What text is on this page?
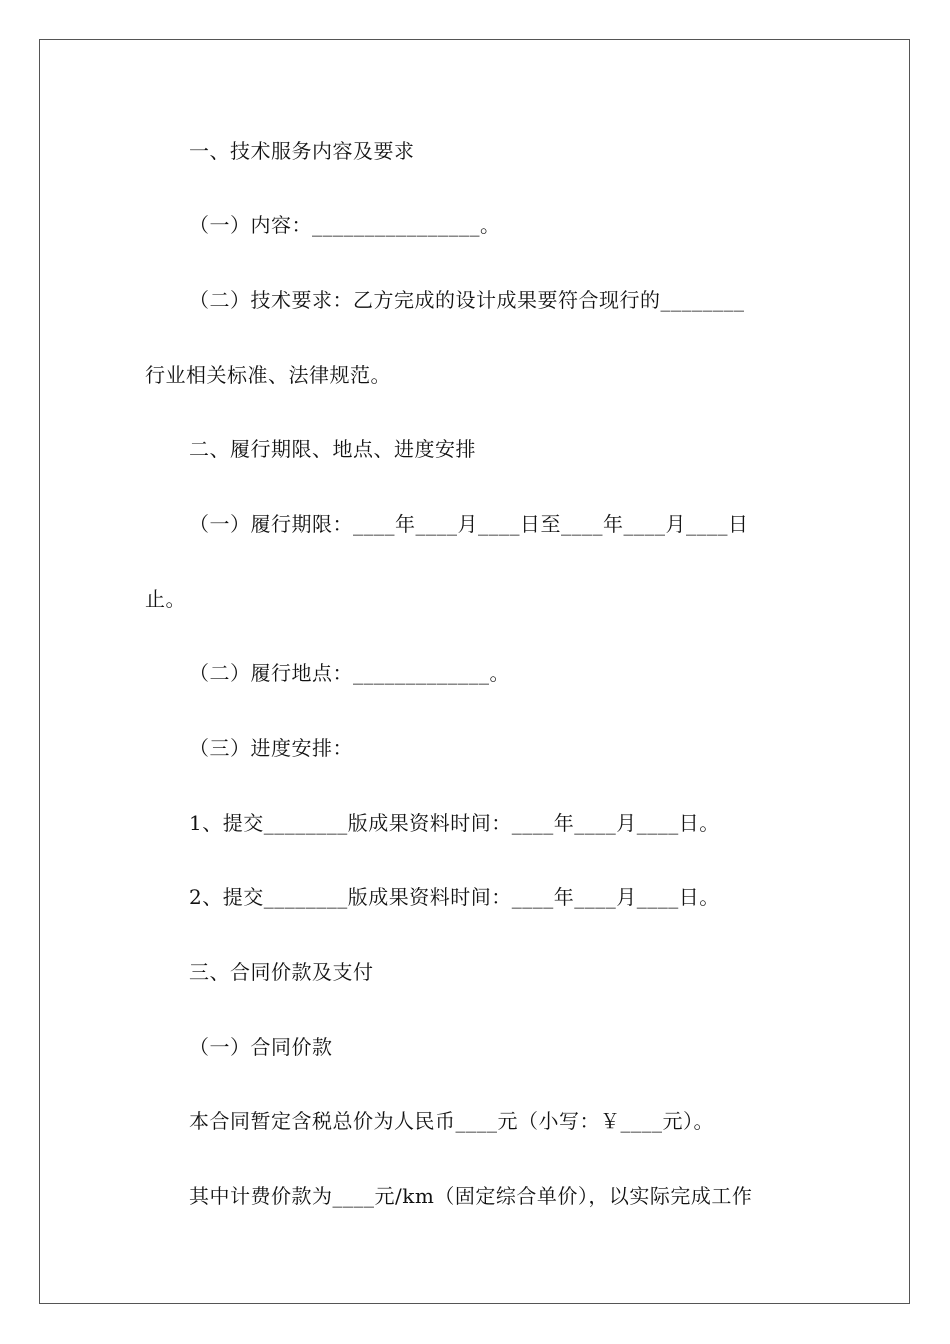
一、技术服务内容及要求
（一）内容：________________。
（二）技术要求：乙方完成的设计成果要符合现行的________
行业相关标准、法律规范。
二、履行期限、地点、进度安排
（一）履行期限：____年____月____日至____年____月____日
止。
（二）履行地点：_____________。
（三）进度安排：
1、提交________版成果资料时间：____年____月____日。
2、提交________版成果资料时间：____年____月____日。
三、合同价款及支付
（一）合同价款
本合同暂定含税总价为人民币____元（小写：￥____元）。
其中计费价款为____元/km（固定综合单价），以实际完成工作
